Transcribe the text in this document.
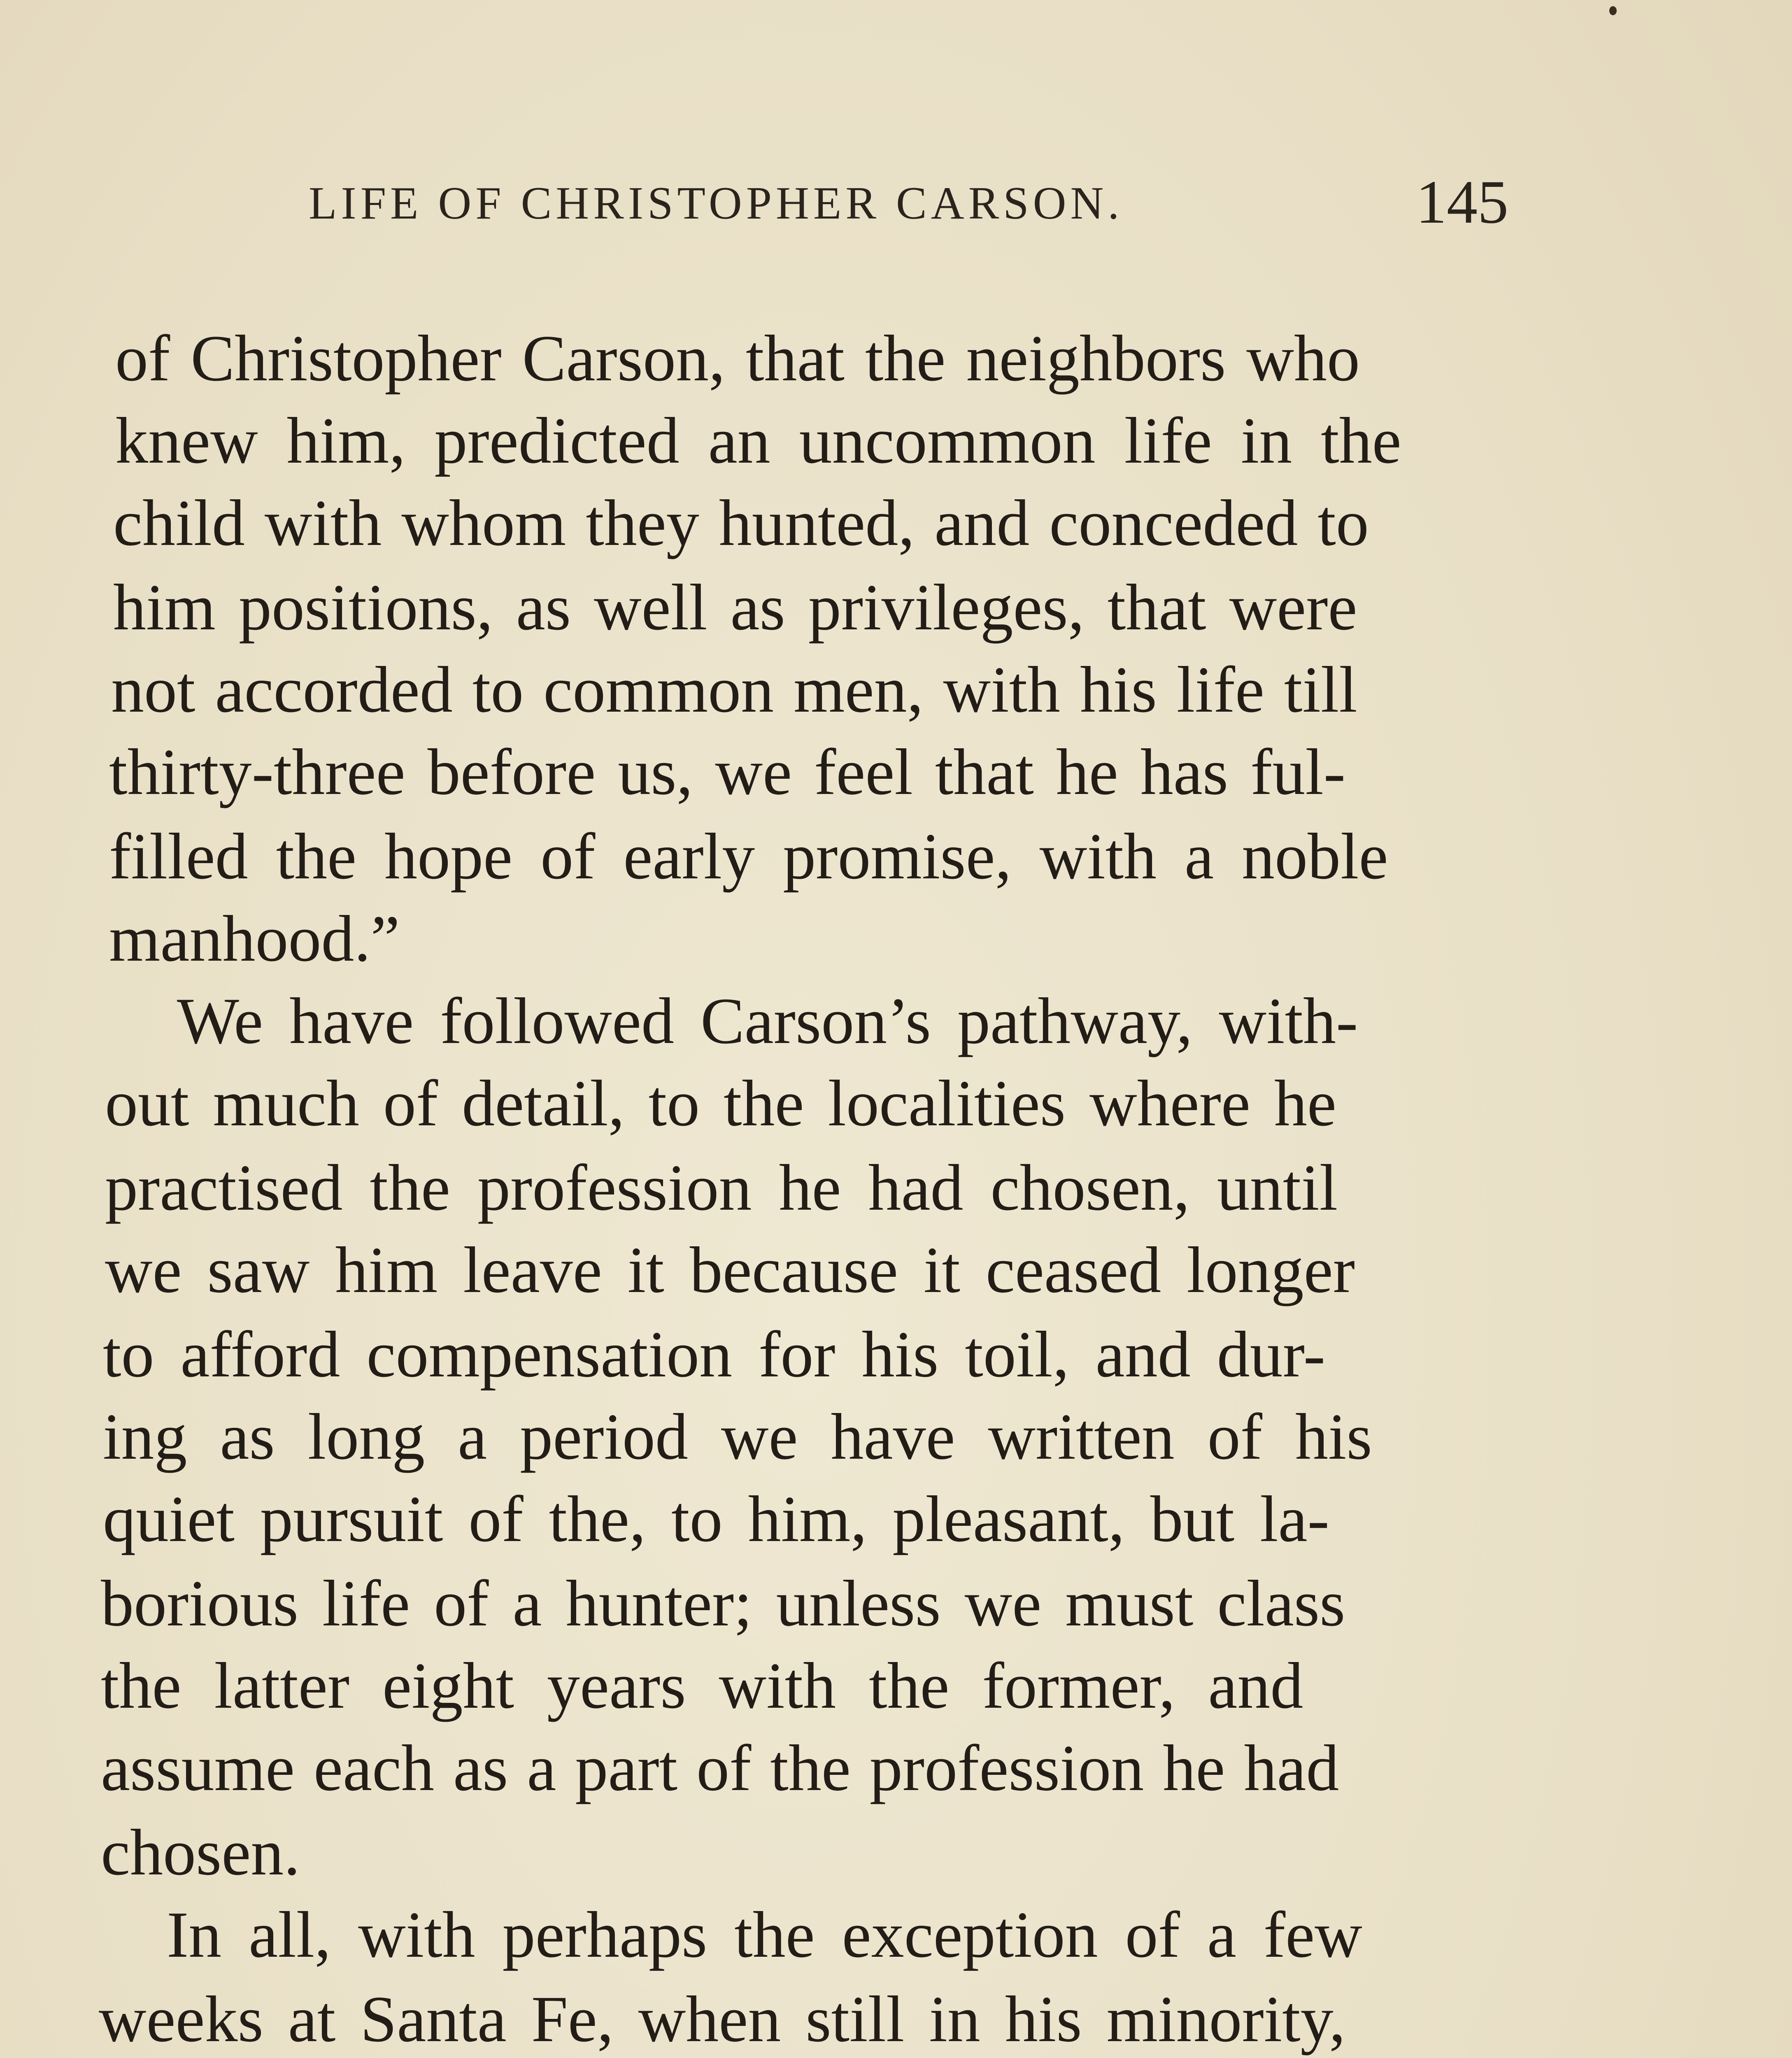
LIFE OF CHRISTOPHER CARSON.	145
of Christopher Carson, that the neighbors who
knew him, predicted an uncommon life in the
child with whom they hunted, and conceded to
him positions, as well as privileges, that were
not accorded to common men, with his life till
thirty-three before us, we feel that he has ful-
filled the hope of early promise, with a noble
manhood.”
We have followed Carson’s pathway, with-
out much of detail, to the localities where he
practised the profession he had chosen, until
we saw him leave it because it ceased longer
to afford compensation for his toil, and dur-
ing as long a period we have written of his
quiet pursuit of the, to him, pleasant, but la-
borious life of a hunter; unless we must class
the latter eight years with the former, and
assume each as a part of the profession he had
chosen.
In all, with perhaps the exception of a few
weeks at Santa Fe, when still in his minority,
